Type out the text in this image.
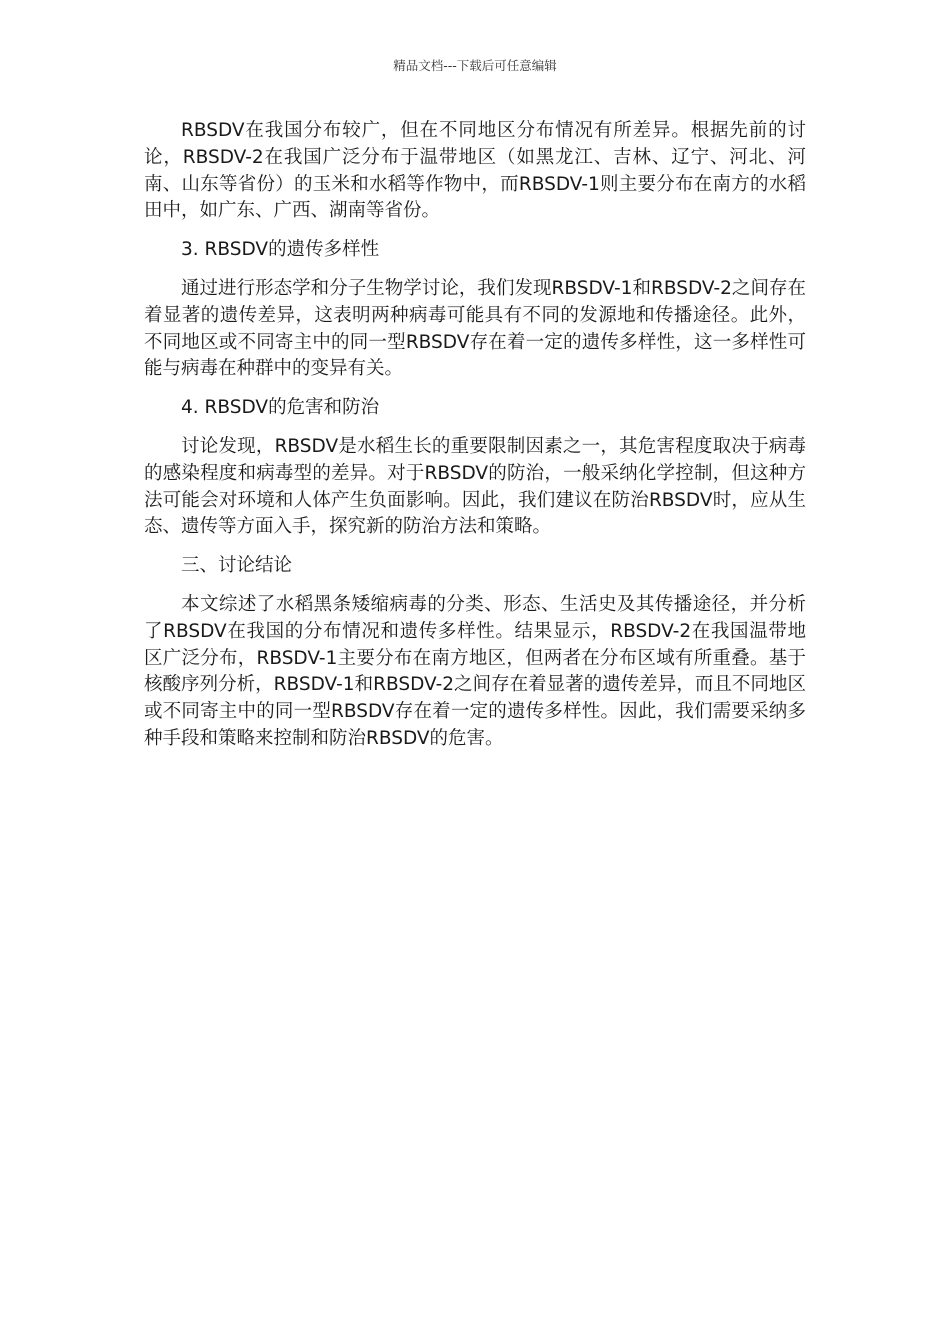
精品文档---下载后可任意编辑

RBSDV在我国分布较广，但在不同地区分布情况有所差异。根据先前的讨论，RBSDV-2在我国广泛分布于温带地区（如黑龙江、吉林、辽宁、河北、河南、山东等省份）的玉米和水稻等作物中，而RBSDV-1则主要分布在南方的水稻田中，如广东、广西、湖南等省份。

3. RBSDV的遗传多样性

通过进行形态学和分子生物学讨论，我们发现RBSDV-1和RBSDV-2之间存在着显著的遗传差异，这表明两种病毒可能具有不同的发源地和传播途径。此外，不同地区或不同寄主中的同一型RBSDV存在着一定的遗传多样性，这一多样性可能与病毒在种群中的变异有关。

4. RBSDV的危害和防治

讨论发现，RBSDV是水稻生长的重要限制因素之一，其危害程度取决于病毒的感染程度和病毒型的差异。对于RBSDV的防治，一般采纳化学控制，但这种方法可能会对环境和人体产生负面影响。因此，我们建议在防治RBSDV时，应从生态、遗传等方面入手，探究新的防治方法和策略。

三、讨论结论

本文综述了水稻黑条矮缩病毒的分类、形态、生活史及其传播途径，并分析了RBSDV在我国的分布情况和遗传多样性。结果显示，RBSDV-2在我国温带地区广泛分布，RBSDV-1主要分布在南方地区，但两者在分布区域有所重叠。基于核酸序列分析，RBSDV-1和RBSDV-2之间存在着显著的遗传差异，而且不同地区或不同寄主中的同一型RBSDV存在着一定的遗传多样性。因此，我们需要采纳多种手段和策略来控制和防治RBSDV的危害。
